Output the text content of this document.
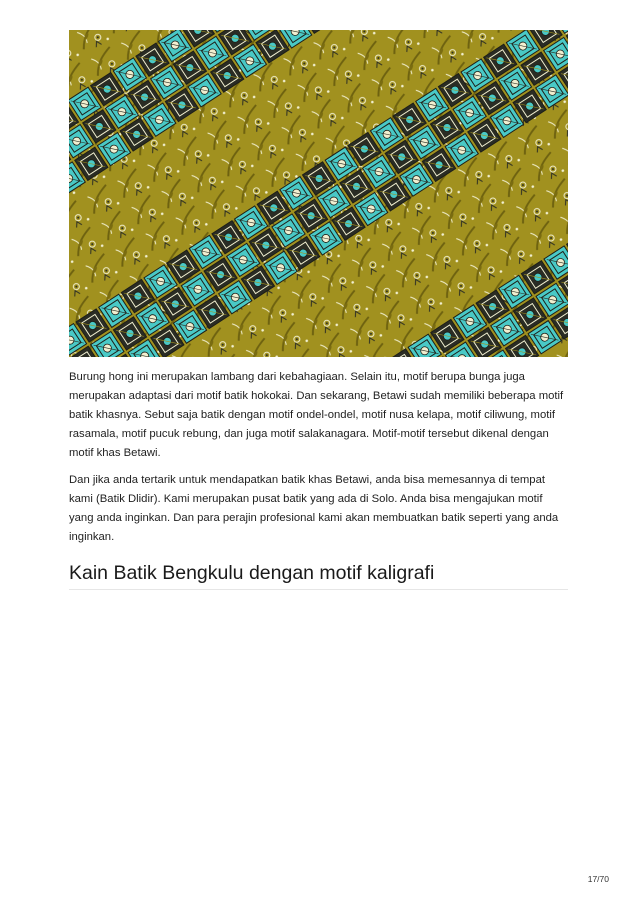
Burung hong ini merupakan lambang dari kebahagiaan. Selain itu, motif berupa bunga juga merupakan adaptasi dari motif batik hokokai. Dan sekarang, Betawi sudah memiliki beberapa motif batik khasnya. Sebut saja batik dengan motif ondel-ondel, motif nusa kelapa, motif ciliwung, motif rasamala, motif pucuk rebung, dan juga motif salakanagara. Motif-motif tersebut dikenal dengan motif khas Betawi.

Dan jika anda tertarik untuk mendapatkan batik khas Betawi, anda bisa memesannya di tempat kami (Batik Dlidir). Kami merupakan pusat batik yang ada di Solo. Anda bisa mengajukan motif yang anda inginkan. Dan para perajin profesional kami akan membuatkan batik seperti yang anda inginkan.

Kain Batik Bengkulu dengan motif kaligrafi
17/70
